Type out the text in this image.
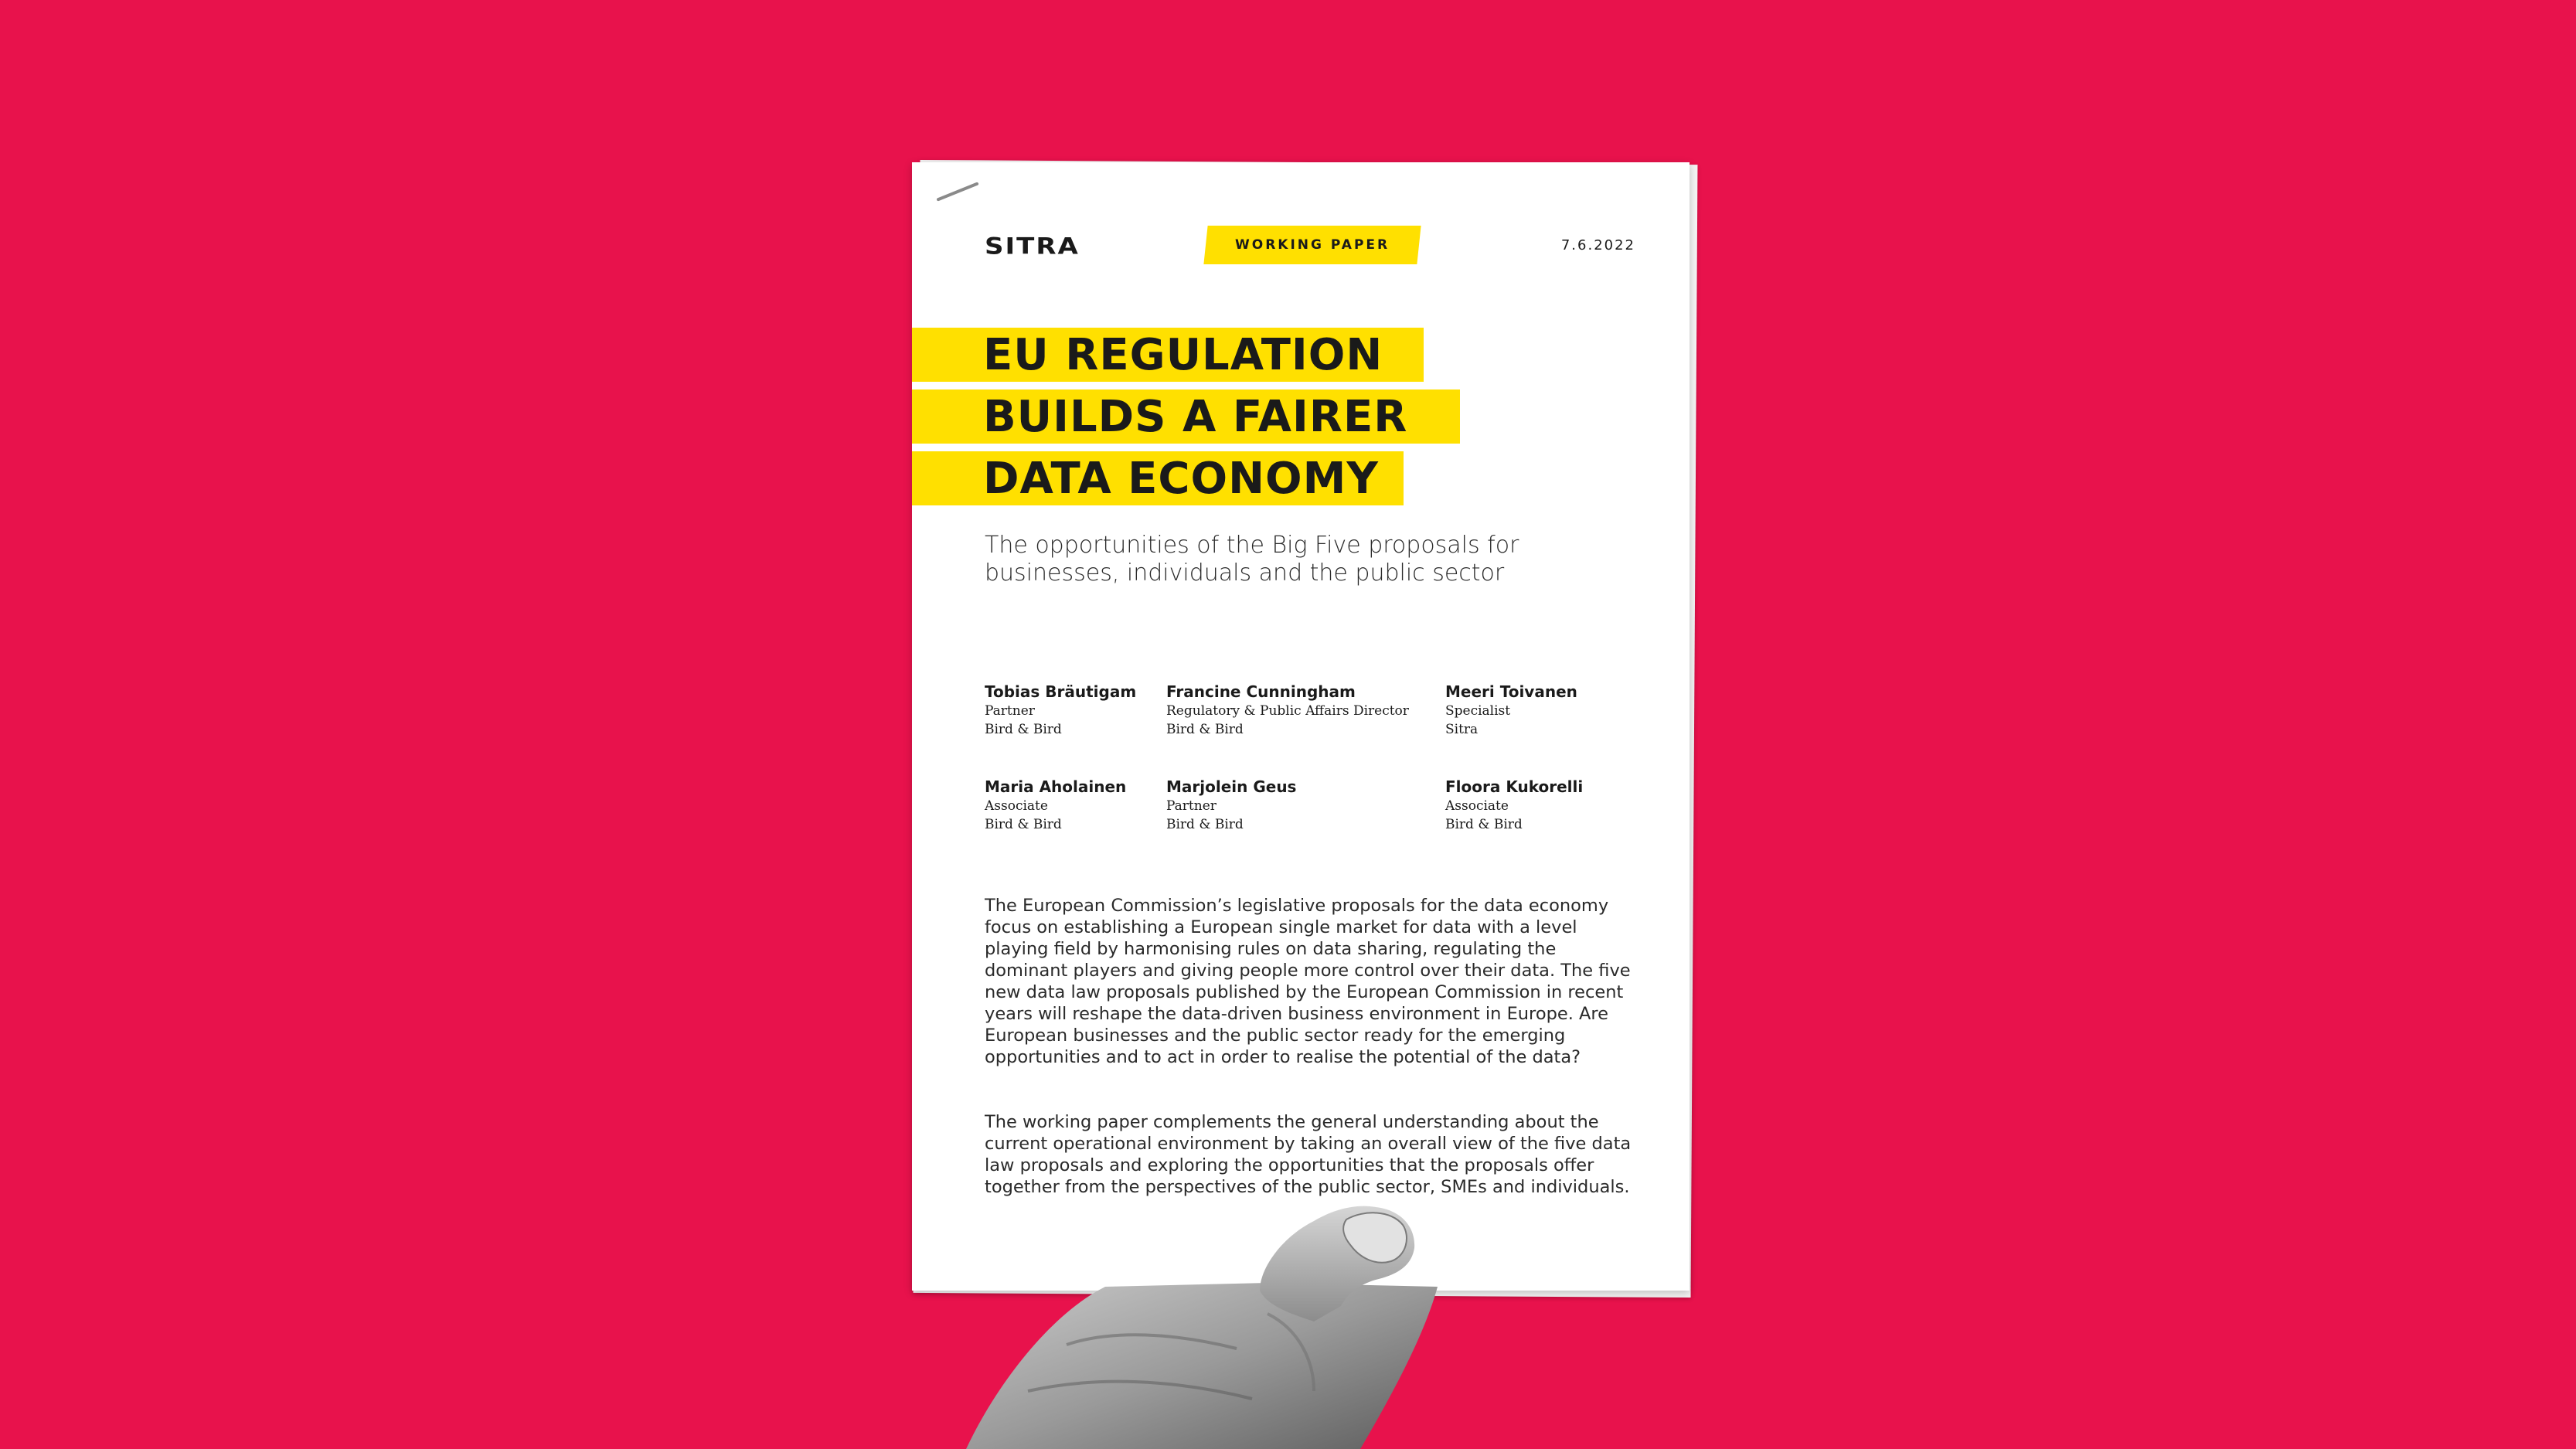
SITRA	WORKING PAPER	7.6.2022
EU REGULATION
BUILDS A FAIRER
DATA ECONOMY
The opportunities of the Big Five proposals for businesses, individuals and the public sector
Tobias Bräutigam
Partner
Bird & Bird
Francine Cunningham
Regulatory & Public Affairs Director
Bird & Bird
Meeri Toivanen
Specialist
Sitra
Maria Aholainen
Associate
Bird & Bird
Marjolein Geus
Partner
Bird & Bird
Floora Kukorelli
Associate
Bird & Bird
The European Commission’s legislative proposals for the data economy focus on establishing a European single market for data with a level playing field by harmonising rules on data sharing, regulating the dominant players and giving people more control over their data. The five new data law proposals published by the European Commission in recent years will reshape the data-driven business environment in Europe. Are European businesses and the public sector ready for the emerging opportunities and to act in order to realise the potential of the data?
The working paper complements the general understanding about the current operational environment by taking an overall view of the five data law proposals and exploring the opportunities that the proposals offer together from the perspectives of the public sector, SMEs and individuals.
